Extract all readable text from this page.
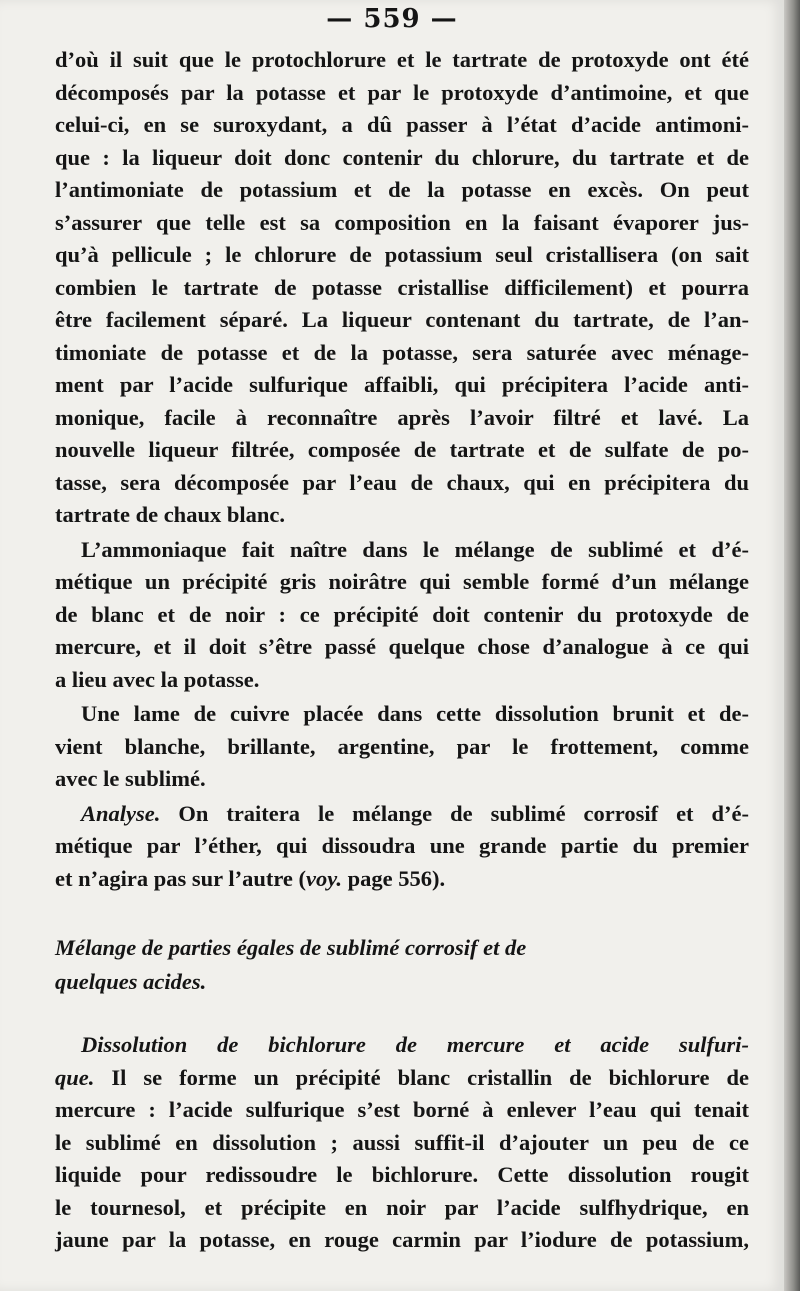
— 559 —

d’où il suit que le protochlorure et le tartrate de protoxyde ont été
décomposés par la potasse et par le protoxyde d’antimoine, et que
celui-ci, en se suroxydant, a dû passer à l’état d’acide antimoni-
que : la liqueur doit donc contenir du chlorure, du tartrate et de
l’antimoniate de potassium et de la potasse en excès. On peut
s’assurer que telle est sa composition en la faisant évaporer jus-
qu’à pellicule ; le chlorure de potassium seul cristallisera (on sait
combien le tartrate de potasse cristallise difficilement) et pourra
être facilement séparé. La liqueur contenant du tartrate, de l’an-
timoniate de potasse et de la potasse, sera saturée avec ménage-
ment par l’acide sulfurique affaibli, qui précipitera l’acide anti-
monique, facile à reconnaître après l’avoir filtré et lavé. La
nouvelle liqueur filtrée, composée de tartrate et de sulfate de po-
tasse, sera décomposée par l’eau de chaux, qui en précipitera du
tartrate de chaux blanc.

L’ammoniaque fait naître dans le mélange de sublimé et d’é-
métique un précipité gris noirâtre qui semble formé d’un mélange
de blanc et de noir : ce précipité doit contenir du protoxyde de
mercure, et il doit s’être passé quelque chose d’analogue à ce qui
a lieu avec la potasse.

Une lame de cuivre placée dans cette dissolution brunit et de-
vient blanche, brillante, argentine, par le frottement, comme
avec le sublimé.

Analyse. On traitera le mélange de sublimé corrosif et d’é-
métique par l’éther, qui dissoudra une grande partie du premier
et n’agira pas sur l’autre (voy. page 556).

Mélange de parties égales de sublimé corrosif et de
quelques acides.

Dissolution de bichlorure de mercure et acide sulfuri-
que. Il se forme un précipité blanc cristallin de bichlorure de
mercure : l’acide sulfurique s’est borné à enlever l’eau qui tenait
le sublimé en dissolution ; aussi suffit-il d’ajouter un peu de ce
liquide pour redissoudre le bichlorure. Cette dissolution rougit
le tournesol, et précipite en noir par l’acide sulfhydrique, en
jaune par la potasse, en rouge carmin par l’iodure de potassium,
